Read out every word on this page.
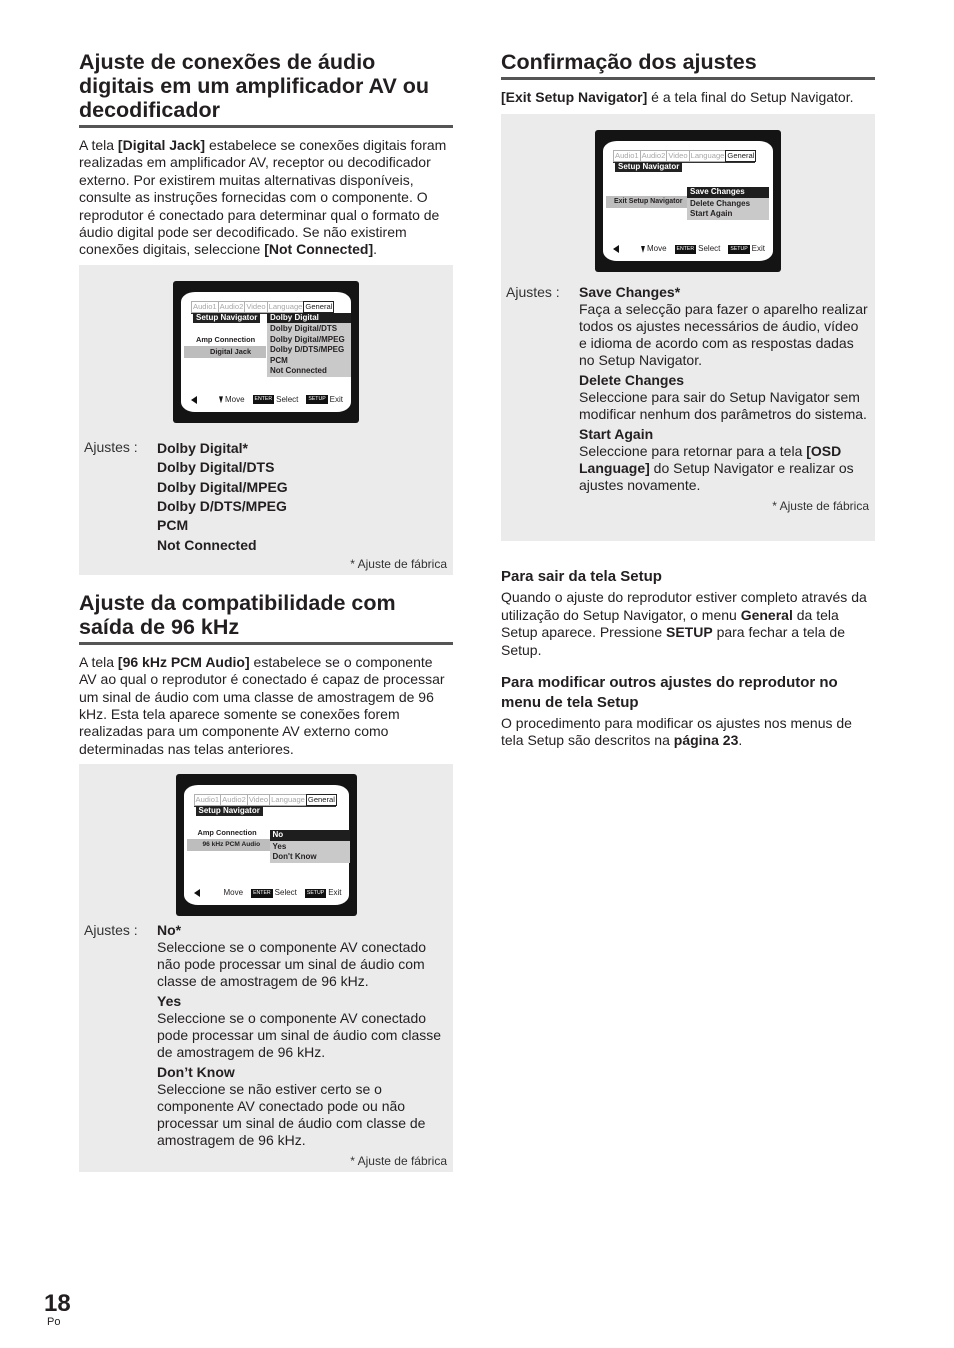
Ajuste de conexões de áudio digitais em um amplificador AV ou decodificador

A tela [Digital Jack] estabelece se conexões digitais foram realizadas em amplificador AV, receptor ou decodificador externo. Por existirem muitas alternativas disponíveis, consulte as instruções fornecidas com o componente. O reprodutor é conectado para determinar qual o formato de áudio digital pode ser decodificado. Se não existirem conexões digitais, seleccione [Not Connected].

Audio1 Audio2 Video Language General
Setup Navigator
Amp Connection
Digital Jack
Dolby Digital
Dolby Digital/DTS
Dolby Digital/MPEG
Dolby D/DTS/MPEG
PCM
Not Connected
Move	ENTER Select	SETUP Exit
Ajustes :	Dolby Digital*
Dolby Digital/DTS
Dolby Digital/MPEG
Dolby D/DTS/MPEG
PCM
Not Connected
* Ajuste de fábrica
Ajuste da compatibilidade com saída de 96 kHz

A tela [96 kHz PCM Audio] estabelece se o componente AV ao qual o reprodutor é conectado é capaz de processar um sinal de áudio com uma classe de amostragem de 96 kHz. Esta tela aparece somente se conexões forem realizadas para um componente AV externo como determinadas nas telas anteriores.

Audio1 Audio2 Video Language General
Setup Navigator
Amp Connection
96 kHz PCM Audio
No
Yes
Don't Know
Move	ENTER Select	SETUP Exit
Ajustes :	No*
Seleccione se o componente AV conectado não pode processar um sinal de áudio com classe de amostragem de 96 kHz.
Yes
Seleccione se o componente AV conectado pode processar um sinal de áudio com classe de amostragem de 96 kHz.
Don’t Know
Seleccione se não estiver certo se o componente AV conectado pode ou não processar um sinal de áudio com classe de amostragem de 96 kHz.
* Ajuste de fábrica
Confirmação dos ajustes

[Exit Setup Navigator] é a tela final do Setup Navigator.

Audio1 Audio2 Video Language General
Setup Navigator
Exit Setup Navigator
Save Changes
Delete Changes
Start Again
Move	ENTER Select	SETUP Exit
Ajustes :	Save Changes*
Faça a selecção para fazer o aparelho realizar todos os ajustes necessários de áudio, vídeo e idioma de acordo com as respostas dadas no Setup Navigator.
Delete Changes
Seleccione para sair do Setup Navigator sem modificar nenhum dos parâmetros do sistema.
Start Again
Seleccione para retornar para a tela [OSD Language] do Setup Navigator e realizar os ajustes novamente.
* Ajuste de fábrica
Para sair da tela Setup

Quando o ajuste do reprodutor estiver completo através da utilização do Setup Navigator, o menu General da tela Setup aparece. Pressione SETUP para fechar a tela de Setup.

Para modificar outros ajustes do reprodutor no menu de tela Setup

O procedimento para modificar os ajustes nos menus de tela Setup são descritos na página 23.

18
Po
